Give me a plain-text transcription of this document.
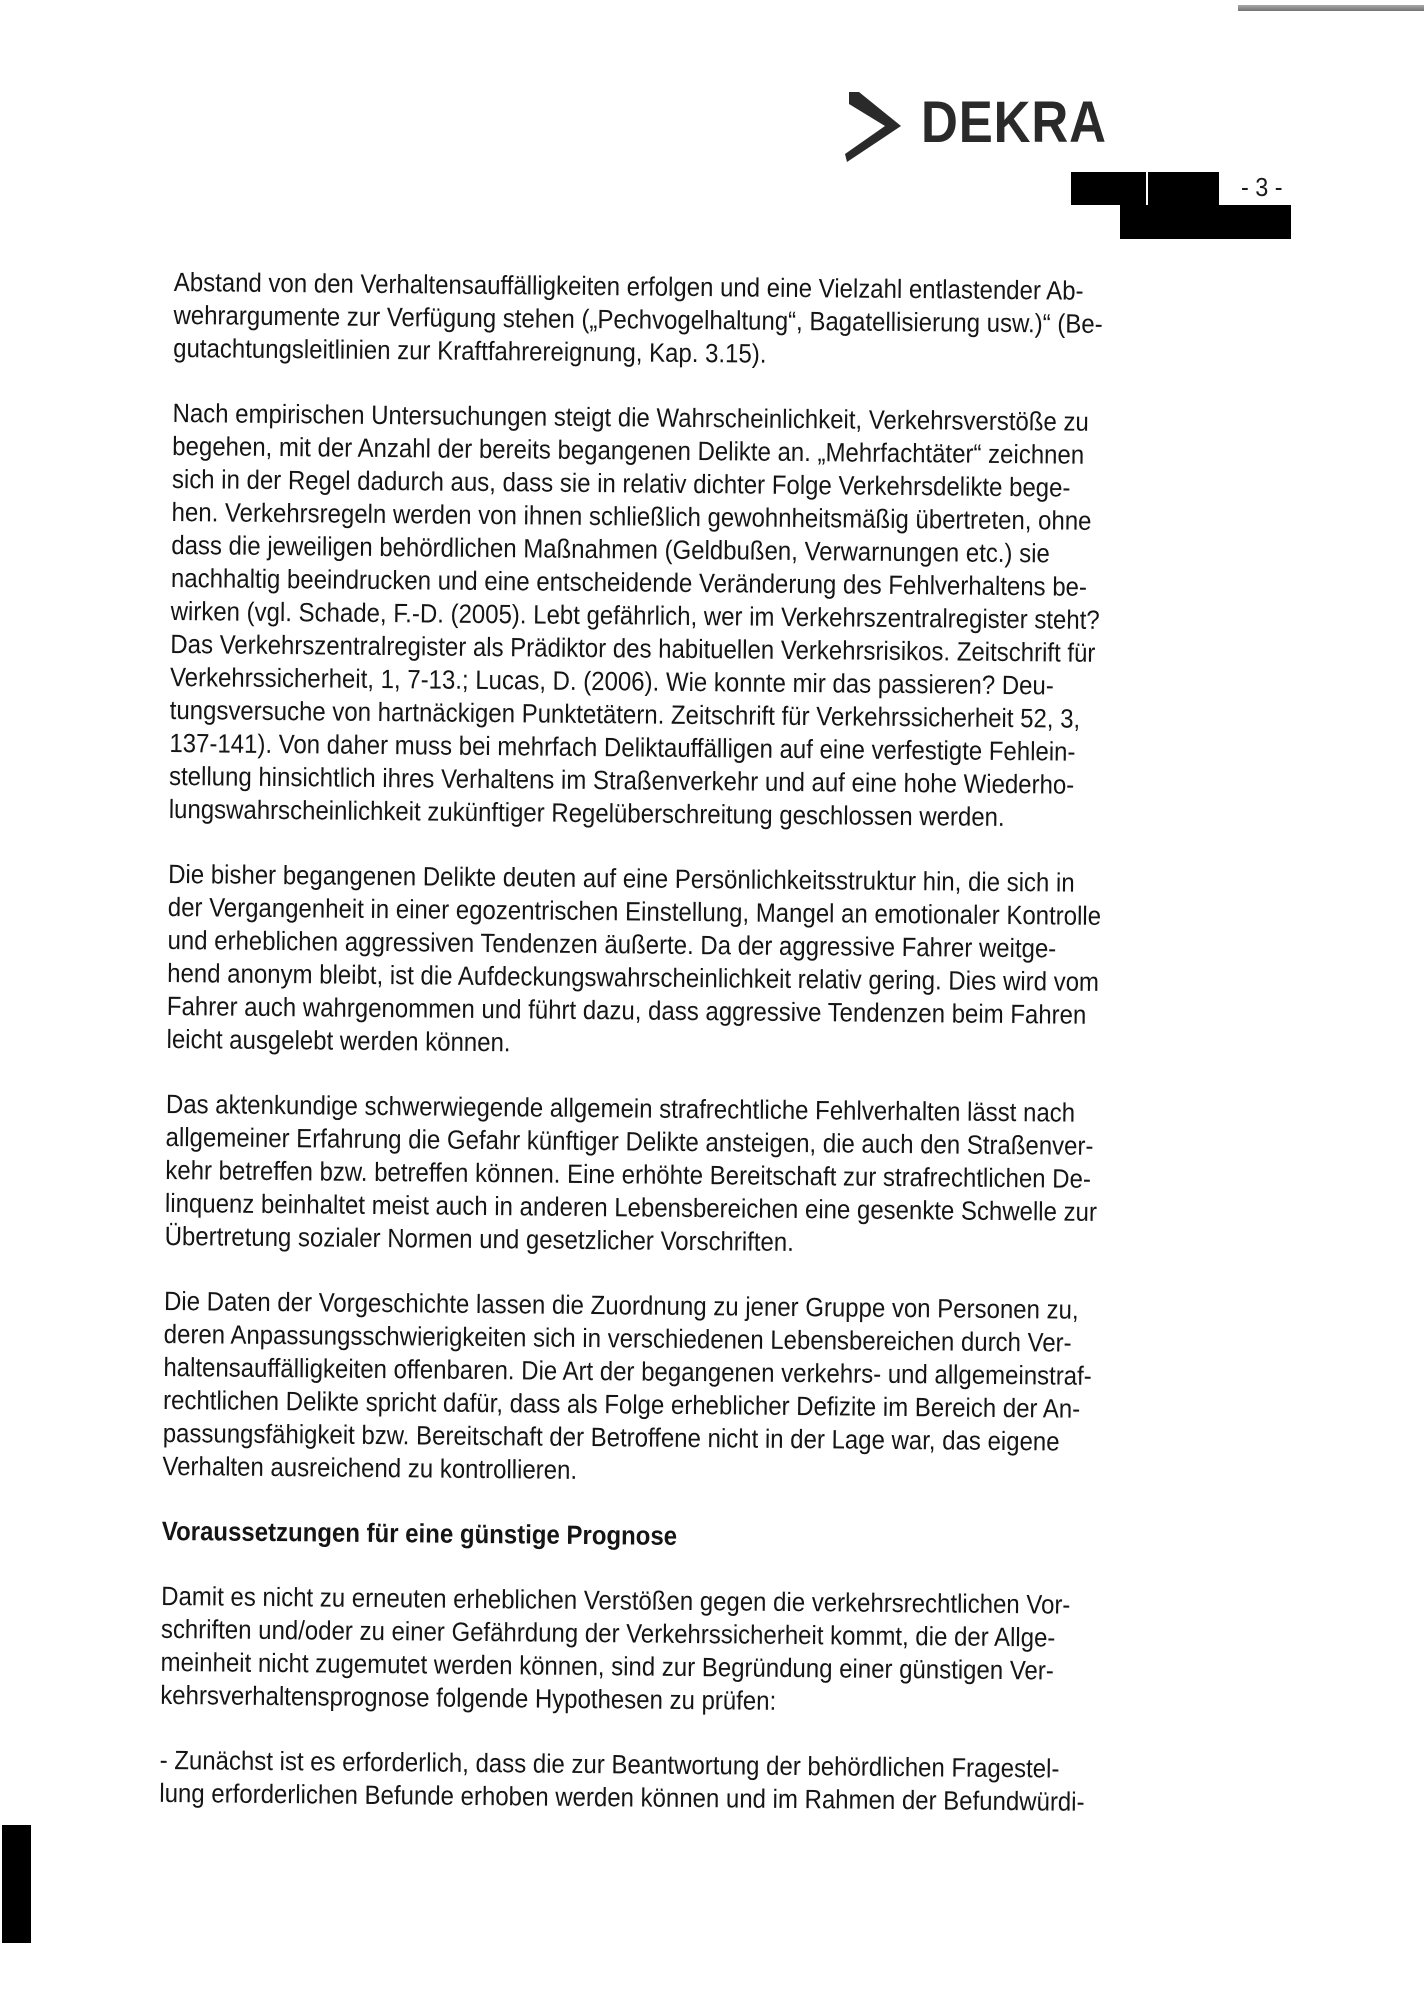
DEKRA
- 3 -
Abstand von den Verhaltensauffälligkeiten erfolgen und eine Vielzahl entlastender Ab-
wehrargumente zur Verfügung stehen („Pechvogelhaltung“, Bagatellisierung usw.)“ (Be-
gutachtungsleitlinien zur Kraftfahrereignung, Kap. 3.15).
Nach empirischen Untersuchungen steigt die Wahrscheinlichkeit, Verkehrsverstöße zu
begehen, mit der Anzahl der bereits begangenen Delikte an. „Mehrfachtäter“ zeichnen
sich in der Regel dadurch aus, dass sie in relativ dichter Folge Verkehrsdelikte bege-
hen. Verkehrsregeln werden von ihnen schließlich gewohnheitsmäßig übertreten, ohne
dass die jeweiligen behördlichen Maßnahmen (Geldbußen, Verwarnungen etc.) sie
nachhaltig beeindrucken und eine entscheidende Veränderung des Fehlverhaltens be-
wirken (vgl. Schade, F.-D. (2005). Lebt gefährlich, wer im Verkehrszentralregister steht?
Das Verkehrszentralregister als Prädiktor des habituellen Verkehrsrisikos. Zeitschrift für
Verkehrssicherheit, 1, 7-13.; Lucas, D. (2006). Wie konnte mir das passieren? Deu-
tungsversuche von hartnäckigen Punktetätern. Zeitschrift für Verkehrssicherheit 52, 3,
137-141). Von daher muss bei mehrfach Deliktauffälligen auf eine verfestigte Fehlein-
stellung hinsichtlich ihres Verhaltens im Straßenverkehr und auf eine hohe Wiederho-
lungswahrscheinlichkeit zukünftiger Regelüberschreitung geschlossen werden.
Die bisher begangenen Delikte deuten auf eine Persönlichkeitsstruktur hin, die sich in
der Vergangenheit in einer egozentrischen Einstellung, Mangel an emotionaler Kontrolle
und erheblichen aggressiven Tendenzen äußerte. Da der aggressive Fahrer weitge-
hend anonym bleibt, ist die Aufdeckungswahrscheinlichkeit relativ gering. Dies wird vom
Fahrer auch wahrgenommen und führt dazu, dass aggressive Tendenzen beim Fahren
leicht ausgelebt werden können.
Das aktenkundige schwerwiegende allgemein strafrechtliche Fehlverhalten lässt nach
allgemeiner Erfahrung die Gefahr künftiger Delikte ansteigen, die auch den Straßenver-
kehr betreffen bzw. betreffen können. Eine erhöhte Bereitschaft zur strafrechtlichen De-
linquenz beinhaltet meist auch in anderen Lebensbereichen eine gesenkte Schwelle zur
Übertretung sozialer Normen und gesetzlicher Vorschriften.
Die Daten der Vorgeschichte lassen die Zuordnung zu jener Gruppe von Personen zu,
deren Anpassungsschwierigkeiten sich in verschiedenen Lebensbereichen durch Ver-
haltensauffälligkeiten offenbaren. Die Art der begangenen verkehrs- und allgemeinstraf-
rechtlichen Delikte spricht dafür, dass als Folge erheblicher Defizite im Bereich der An-
passungsfähigkeit bzw. Bereitschaft der Betroffene nicht in der Lage war, das eigene
Verhalten ausreichend zu kontrollieren.
Voraussetzungen für eine günstige Prognose
Damit es nicht zu erneuten erheblichen Verstößen gegen die verkehrsrechtlichen Vor-
schriften und/oder zu einer Gefährdung der Verkehrssicherheit kommt, die der Allge-
meinheit nicht zugemutet werden können, sind zur Begründung einer günstigen Ver-
kehrsverhaltensprognose folgende Hypothesen zu prüfen:
- Zunächst ist es erforderlich, dass die zur Beantwortung der behördlichen Fragestel-
lung erforderlichen Befunde erhoben werden können und im Rahmen der Befundwürdi-
